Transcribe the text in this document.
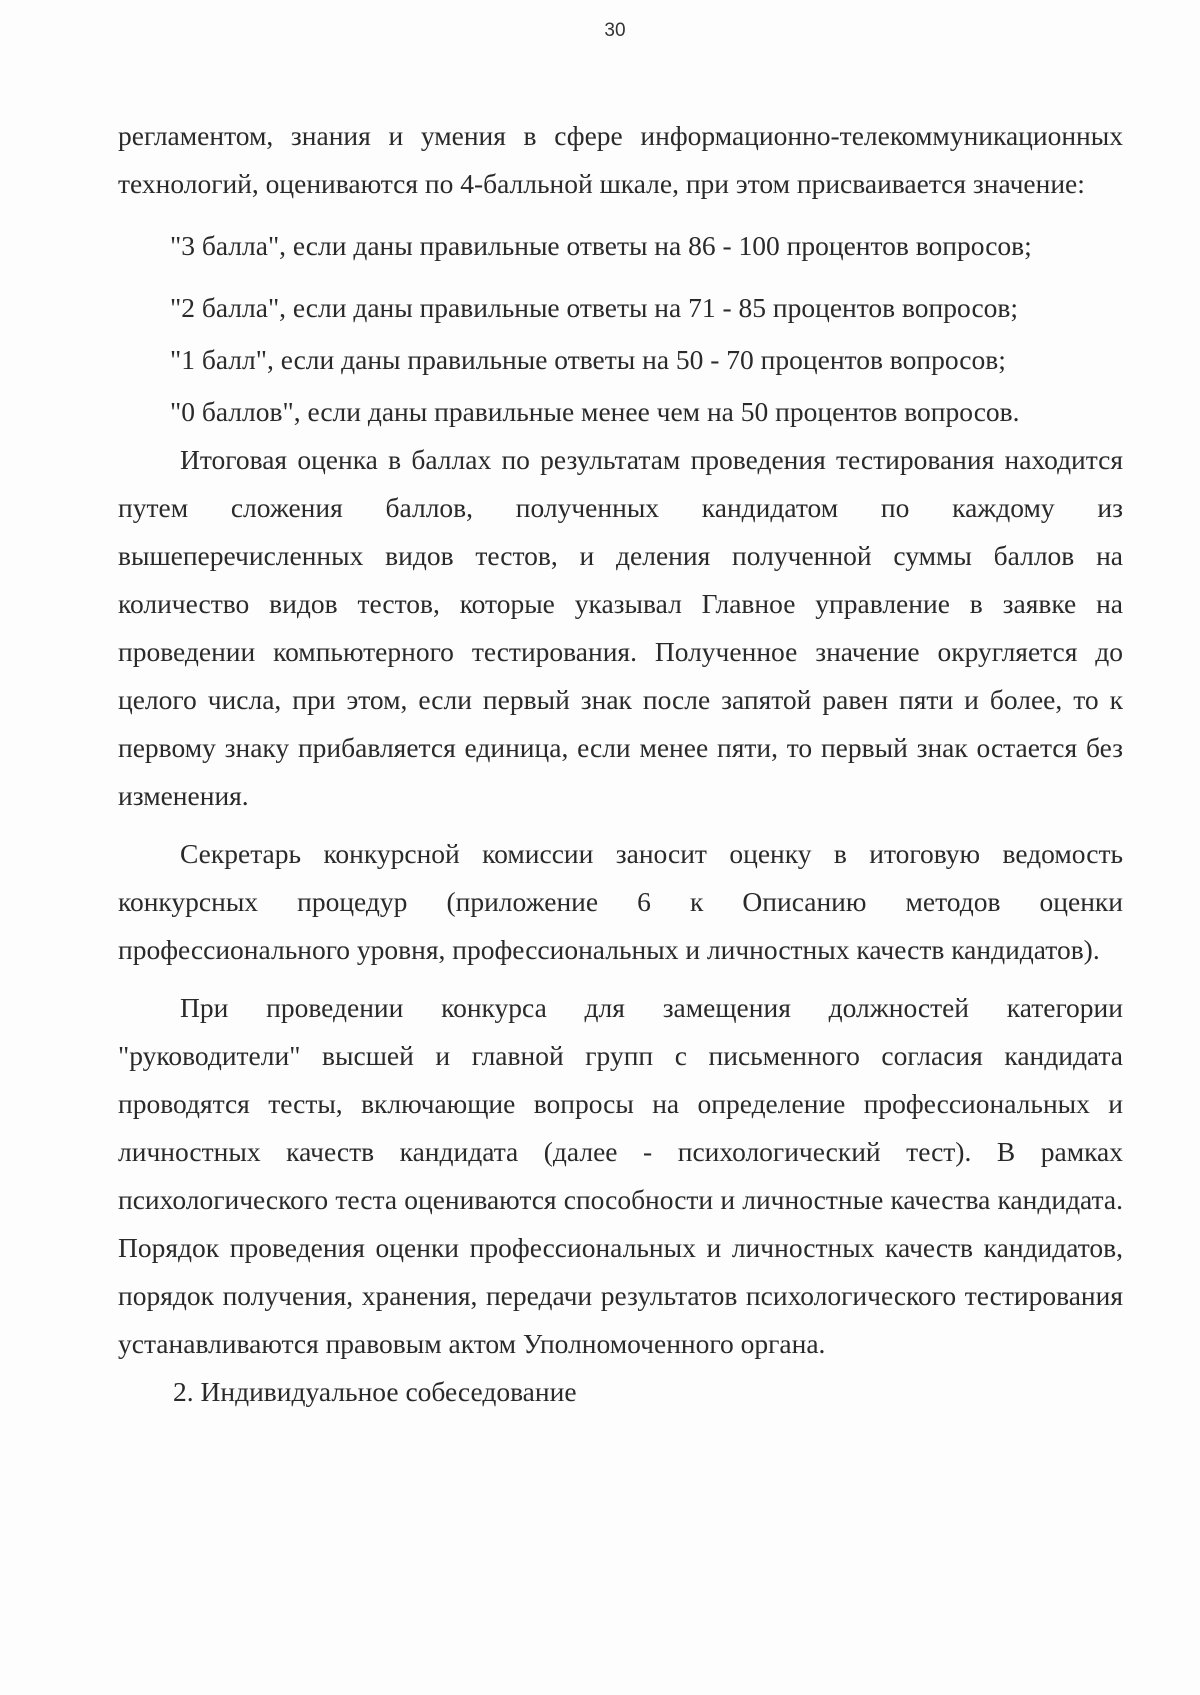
30

регламентом, знания и умения в сфере информационно-телекоммуникационных технологий, оцениваются по 4-балльной шкале, при этом присваивается значение:

"3 балла", если даны правильные ответы на 86 - 100 процентов вопросов;

"2 балла", если даны правильные ответы на 71 - 85 процентов вопросов;

"1 балл", если даны правильные ответы на 50 - 70 процентов вопросов;

"0 баллов", если даны правильные менее чем на 50 процентов вопросов.

Итоговая оценка в баллах по результатам проведения тестирования находится путем сложения баллов, полученных кандидатом по каждому из вышеперечисленных видов тестов, и деления полученной суммы баллов на количество видов тестов, которые указывал Главное управление в заявке на проведении компьютерного тестирования. Полученное значение округляется до целого числа, при этом, если первый знак после запятой равен пяти и более, то к первому знаку прибавляется единица, если менее пяти, то первый знак остается без изменения.

Секретарь конкурсной комиссии заносит оценку в итоговую ведомость конкурсных процедур (приложение 6 к Описанию методов оценки профессионального уровня, профессиональных и личностных качеств кандидатов).

При проведении конкурса для замещения должностей категории "руководители" высшей и главной групп с письменного согласия кандидата проводятся тесты, включающие вопросы на определение профессиональных и личностных качеств кандидата (далее - психологический тест). В рамках психологического теста оцениваются способности и личностные качества кандидата. Порядок проведения оценки профессиональных и личностных качеств кандидатов, порядок получения, хранения, передачи результатов психологического тестирования устанавливаются правовым актом Уполномоченного органа.

2. Индивидуальное собеседование
